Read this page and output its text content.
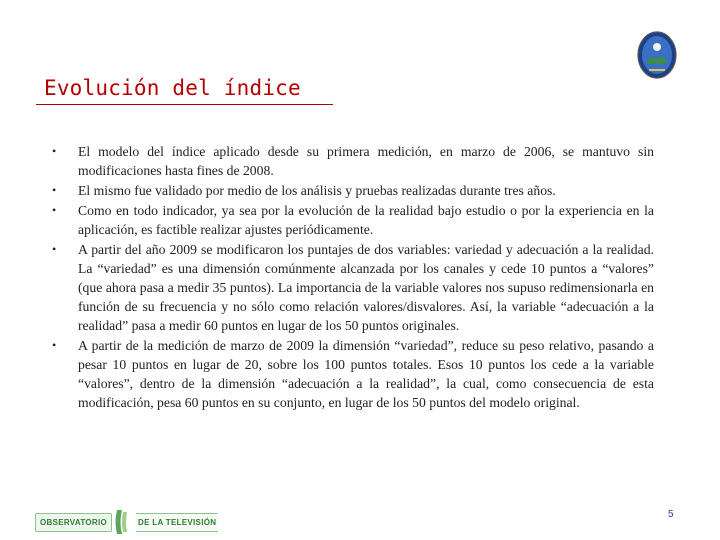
Evolución del índice
• El modelo del índice aplicado desde su primera medición, en marzo de 2006, se mantuvo sin modificaciones hasta fines de 2008.
• El mismo fue validado por medio de los análisis y pruebas realizadas durante tres años.
• Como en todo indicador, ya sea por la evolución de la realidad bajo estudio o por la experiencia en la aplicación, es factible realizar ajustes periódicamente.
• A partir del año 2009 se modificaron los puntajes de dos variables: variedad y adecuación a la realidad. La “variedad” es una dimensión comúnmente alcanzada por los canales y cede 10 puntos a “valores” (que ahora pasa a medir 35 puntos). La importancia de la variable valores nos supuso redimensionarla en función de su frecuencia y no sólo como relación valores/disvalores. Así, la variable “adecuación a la realidad” pasa a medir 60 puntos en lugar de los 50 puntos originales.
• A partir de la medición de marzo de 2009 la dimensión “variedad”, reduce su peso relativo, pasando a pesar 10 puntos en lugar de 20, sobre los 100 puntos totales. Esos 10 puntos los cede a la variable “valores”, dentro de la dimensión “adecuación a la realidad”, la cual, como consecuencia de esta modificación, pesa 60 puntos en su conjunto, en lugar de los 50 puntos del modelo original.
OBSERVATORIO	DE LA TELEVISIÓN
5
